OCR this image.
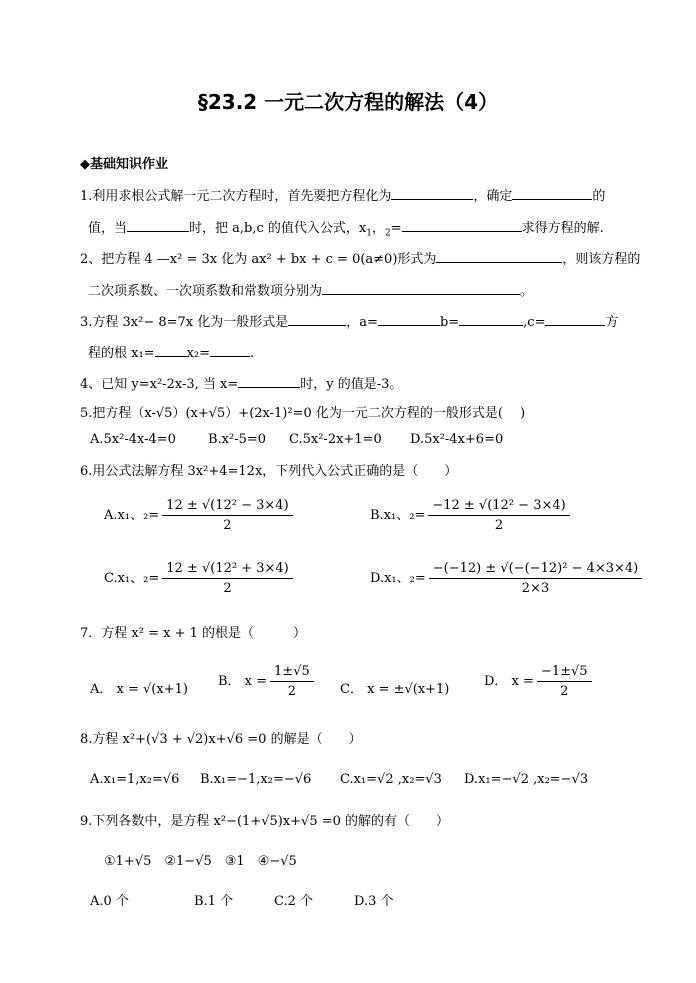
§23.2 一元二次方程的解法（4）
◆基础知识作业
1.利用求根公式解一元二次方程时，首先要把方程化为	，确定	的
值，当	时，把 a,b,c 的值代入公式，$x_1$，$_2$=	求得方程的解.
2、把方程 4 —x² = 3x 化为 ax² + bx + c = 0(a≠0)形式为	，则该方程的
二次项系数、一次项系数和常数项分别为	。
3.方程 3x²− 8=7x 化为一般形式是	，a=	b=	,c=	方
程的根 x₁= x₂=	.
4、已知 y=x²-2x-3, 当 x=	时，y 的值是-3。
5.把方程（x-√5）(x+√5）+(2x-1)²=0 化为一元二次方程的一般形式是(　 )
A.5x²-4x-4=0 B.x²-5=0 C.5x²-2x+1=0 D.5x²-4x+6=0
6.用公式法解方程 3x²+4=12x，下列代入公式正确的是（　　）
A.x₁、$_2= \frac{\text{12 ± √(12² − 3×4)}}{2}$	B.x₁、$_2= \frac{\text{−12 ± √(12² − 3×4)}}{2}$
C.x₁、$_2= \frac{\text{12 ± √(12² + 3×4)}}{2}$	D.x₁、$_2= \frac{\text{−(−12) ± √(−(−12)² − 4×3×4)}}{2\times 3}$
7．方程 x² = x + 1 的根是（　　　）
A． x = √(x+1)
B． $x = \frac{1\pm√5}{2}$ C． x = ±√(x+1)
D． $x = \frac{-1\pm√5}{2}$
8.方程 x²+(√3 + √2)x+√6 =0 的解是（　　）
A.x₁=1,x₂=√6 B.x₁=−1,x₂=−√6 C.x₁=√2 ,x₂=√3 D.x₁=−√2 ,x₂=−√3
9.下列各数中，是方程 x²−(1+√5)x+√5 =0 的解的有（　　）
①1+√5　②1−√5　③1　④−√5
A.0 个	B.1 个	C.2 个	D.3 个
